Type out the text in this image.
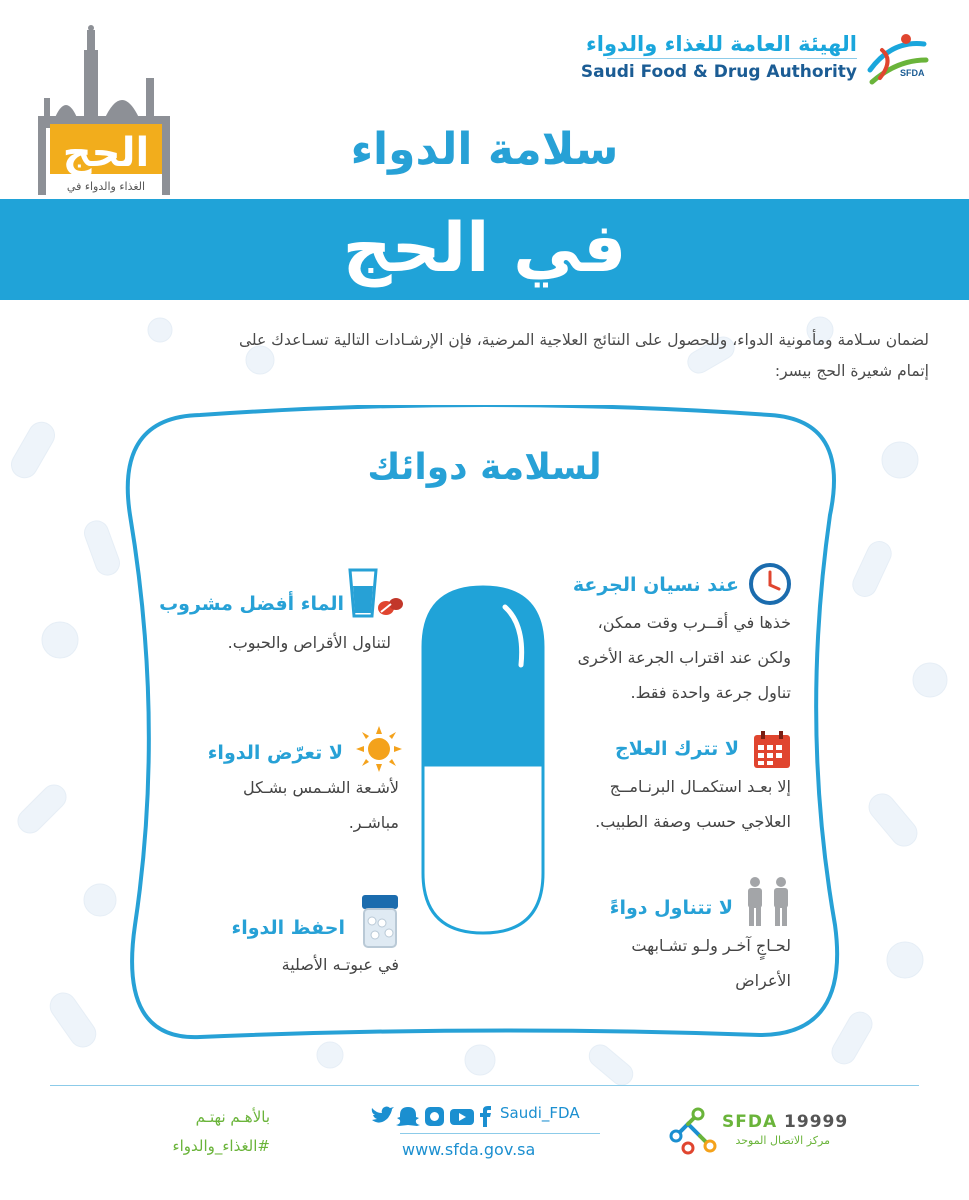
SFDA
الهيئة العامة للغذاء والدواء
Saudi Food & Drug Authority
الحج
الغذاء والدواء في
سلامة الدواء
في الحج
لضمان سـلامة ومأمونية الدواء، وللحصول على النتائج العلاجية المرضية، فإن الإرشـادات التالية تسـاعدك على
إتمام شعيرة الحج بيسر:
لسلامة دوائك
عند نسيان الجرعة
خذها في أقــرب وقت ممكن،
ولكن عند اقتراب الجرعة الأخرى
تناول جرعة واحدة فقط.
لا تترك العلاج
إلا بعـد استكمـال البرنـامــج
العلاجي حسب وصفة الطبيب.
لا تتناول دواءً
لحـاجٍ آخـر ولـو تشـابهت
الأعراض
الماء أفضل مشروب
لتناول الأقراص والحبوب.
لا تعرّض الدواء
لأشـعة الشـمس بشـكل
مباشـر.
احفظ الدواء
في عبوتـه الأصلية
بالأهـم نهتـم
#الغذاء_والدواء
Saudi_FDA
www.sfda.gov.sa
SFDA 19999
مركز الاتصال الموحد
